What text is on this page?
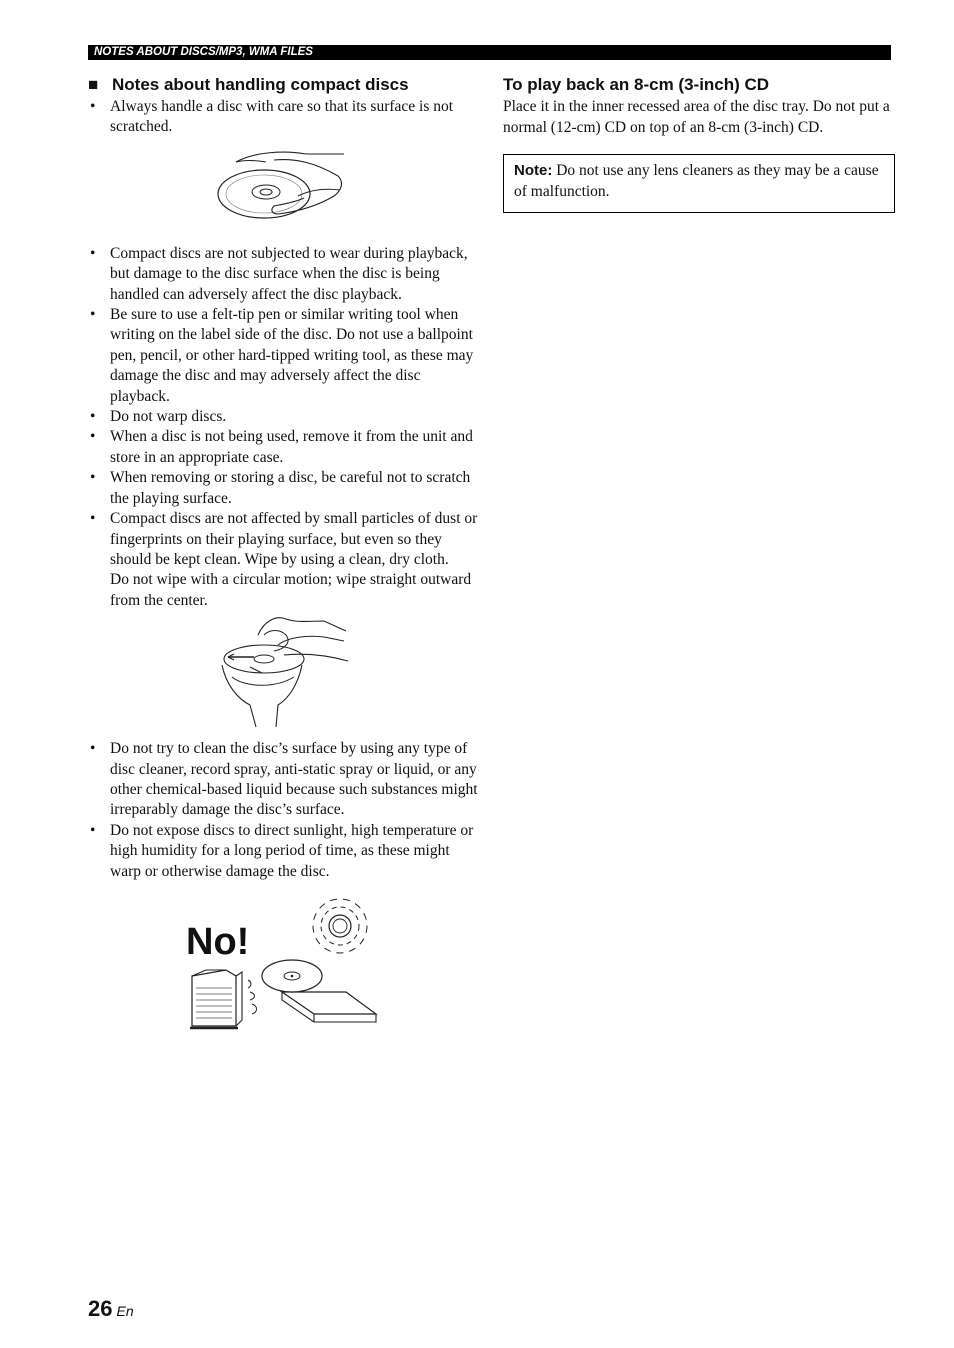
NOTES ABOUT DISCS/MP3, WMA FILES
■ Notes about handling compact discs
• Always handle a disc with care so that its surface is not scratched.
• Compact discs are not subjected to wear during playback, but damage to the disc surface when the disc is being handled can adversely affect the disc playback.
• Be sure to use a felt-tip pen or similar writing tool when writing on the label side of the disc. Do not use a ballpoint pen, pencil, or other hard-tipped writing tool, as these may damage the disc and may adversely affect the disc playback.
• Do not warp discs.
• When a disc is not being used, remove it from the unit and store in an appropriate case.
• When removing or storing a disc, be careful not to scratch the playing surface.
• Compact discs are not affected by small particles of dust or fingerprints on their playing surface, but even so they should be kept clean. Wipe by using a clean, dry cloth.
Do not wipe with a circular motion; wipe straight outward from the center.
• Do not try to clean the disc’s surface by using any type of disc cleaner, record spray, anti-static spray or liquid, or any other chemical-based liquid because such substances might irreparably damage the disc’s surface.
• Do not expose discs to direct sunlight, high temperature or high humidity for a long period of time, as these might warp or otherwise damage the disc.
No!
To play back an 8-cm (3-inch) CD

Place it in the inner recessed area of the disc tray. Do not put a normal (12-cm) CD on top of an 8-cm (3-inch) CD.

Note: Do not use any lens cleaners as they may be a cause of malfunction.
26 En
